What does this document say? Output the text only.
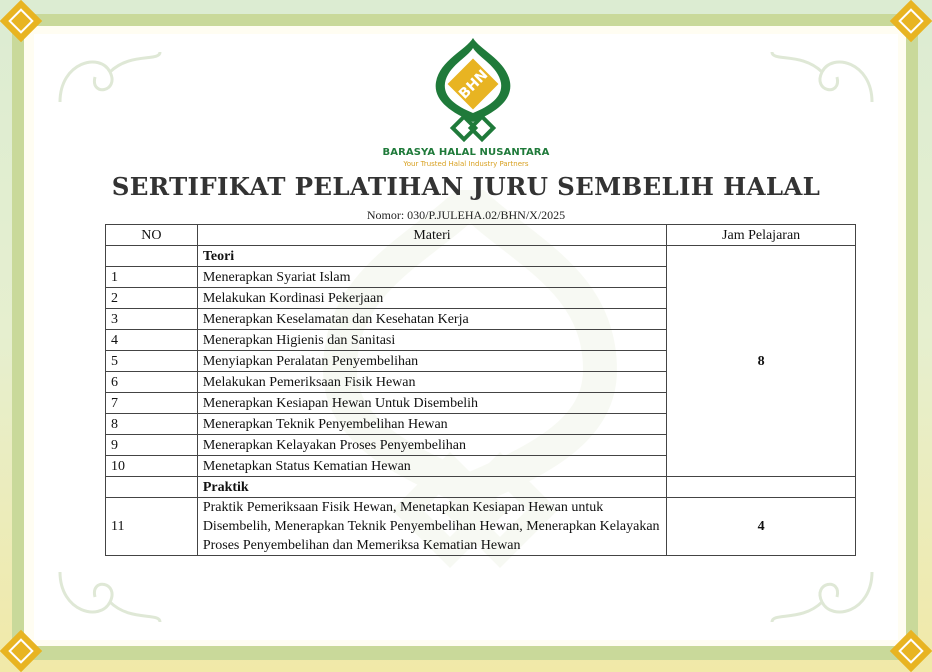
BHN
BARASYA HALAL NUSANTARA
Your Trusted Halal Industry Partners
SERTIFIKAT PELATIHAN JURU SEMBELIH HALAL
Nomor: 030/P.JULEHA.02/BHN/X/2025
NO	Materi	Jam Pelajaran
	Teori	8
1	Menerapkan Syariat Islam	
2	Melakukan Kordinasi Pekerjaan	
3	Menerapkan Keselamatan dan Kesehatan Kerja	
4	Menerapkan Higienis dan Sanitasi	
5	Menyiapkan Peralatan Penyembelihan	
6	Melakukan Pemeriksaan Fisik Hewan	
7	Menerapkan Kesiapan Hewan Untuk Disembelih	
8	Menerapkan Teknik Penyembelihan Hewan	
9	Menerapkan Kelayakan Proses Penyembelihan	
10	Menetapkan Status Kematian Hewan	
	Praktik	
11	Praktik Pemeriksaan Fisik Hewan, Menetapkan Kesiapan Hewan untuk Disembelih, Menerapkan Teknik Penyembelihan Hewan, Menerapkan Kelayakan Proses Penyembelihan dan Memeriksa Kematian Hewan	4
